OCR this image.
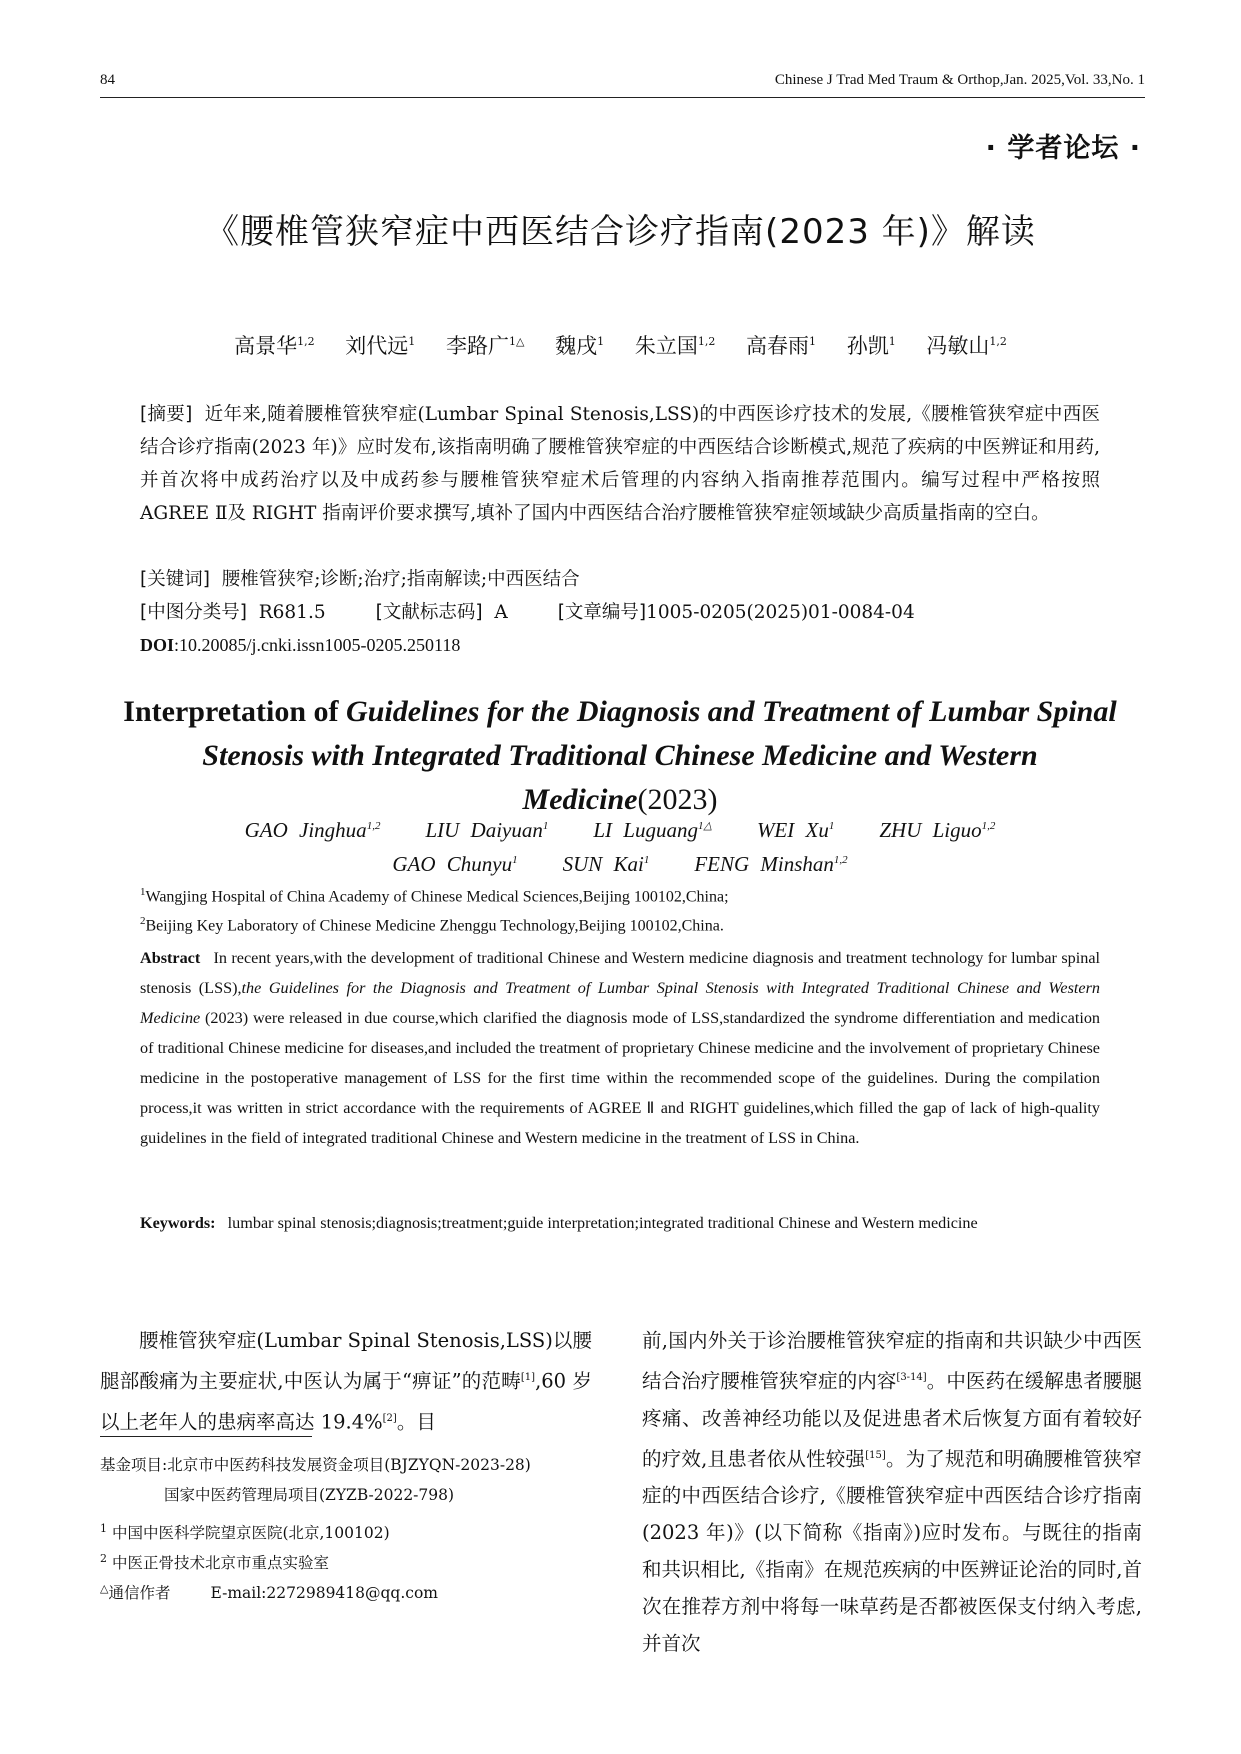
84	Chinese J Trad Med Traum & Orthop,Jan. 2025,Vol. 33,No. 1
· 学者论坛 ·
《腰椎管狭窄症中西医结合诊疗指南(2023 年)》解读
高景华$^{1,2}$ 刘代远$^1$ 李路广$^{1\triangle}$ 魏戌$^1$ 朱立国$^{1,2}$ 高春雨$^1$ 孙凯$^1$ 冯敏山$^{1,2}$
[摘要] 近年来,随着腰椎管狭窄症(Lumbar Spinal Stenosis,LSS)的中西医诊疗技术的发展,《腰椎管狭窄症中西医结合诊疗指南(2023 年)》应时发布,该指南明确了腰椎管狭窄症的中西医结合诊断模式,规范了疾病的中医辨证和用药,并首次将中成药治疗以及中成药参与腰椎管狭窄症术后管理的内容纳入指南推荐范围内。编写过程中严格按照 AGREE Ⅱ及 RIGHT 指南评价要求撰写,填补了国内中西医结合治疗腰椎管狭窄症领域缺少高质量指南的空白。
[关键词] 腰椎管狭窄;诊断;治疗;指南解读;中西医结合
[中图分类号] R681.5	[文献标志码] A	[文章编号]1005-0205(2025)01-0084-04
DOI:10.20085/j.cnki.issn1005-0205.250118
Interpretation of Guidelines for the Diagnosis and Treatment of Lumbar Spinal Stenosis with Integrated Traditional Chinese Medicine and Western Medicine(2023)
GAO Jinghua$^{1,2}$ LIU Daiyuan$^1$ LI Luguang$^{1\triangle}$ WEI Xu$^1$ ZHU Liguo$^{1,2}$
GAO Chunyu$^1$ SUN Kai$^1$ FENG Minshan$^{1,2}$
$^1$Wangjing Hospital of China Academy of Chinese Medical Sciences,Beijing 100102,China;
$^2$Beijing Key Laboratory of Chinese Medicine Zhenggu Technology,Beijing 100102,China.
Abstract In recent years,with the development of traditional Chinese and Western medicine diagnosis and treatment technology for lumbar spinal stenosis (LSS),the Guidelines for the Diagnosis and Treatment of Lumbar Spinal Stenosis with Integrated Traditional Chinese and Western Medicine (2023) were released in due course,which clarified the diagnosis mode of LSS,standardized the syndrome differentiation and medication of traditional Chinese medicine for diseases,and included the treatment of proprietary Chinese medicine and the involvement of proprietary Chinese medicine in the postoperative management of LSS for the first time within the recommended scope of the guidelines. During the compilation process,it was written in strict accordance with the requirements of AGREE Ⅱ and RIGHT guidelines,which filled the gap of lack of high-quality guidelines in the field of integrated traditional Chinese and Western medicine in the treatment of LSS in China.
Keywords: lumbar spinal stenosis;diagnosis;treatment;guide interpretation;integrated traditional Chinese and Western medicine
腰椎管狭窄症(Lumbar Spinal Stenosis,LSS)以腰腿部酸痛为主要症状,中医认为属于“痹证”的范畴[1],60 岁以上老年人的患病率高达 19.4%[2]。目
前,国内外关于诊治腰椎管狭窄症的指南和共识缺少中西医结合治疗腰椎管狭窄症的内容[3-14]。中医药在缓解患者腰腿疼痛、改善神经功能以及促进患者术后恢复方面有着较好的疗效,且患者依从性较强[15]。为了规范和明确腰椎管狭窄症的中西医结合诊疗,《腰椎管狭窄症中西医结合诊疗指南(2023 年)》(以下简称《指南》)应时发布。与既往的指南和共识相比,《指南》在规范疾病的中医辨证论治的同时,首次在推荐方剂中将每一味草药是否都被医保支付纳入考虑,并首次
基金项目:北京市中医药科技发展资金项目(BJZYQN-2023-28)
国家中医药管理局项目(ZYZB-2022-798)
$^1$ 中国中医科学院望京医院(北京,100102)
$^2$ 中医正骨技术北京市重点实验室
△通信作者	E-mail:2272989418@qq.com
